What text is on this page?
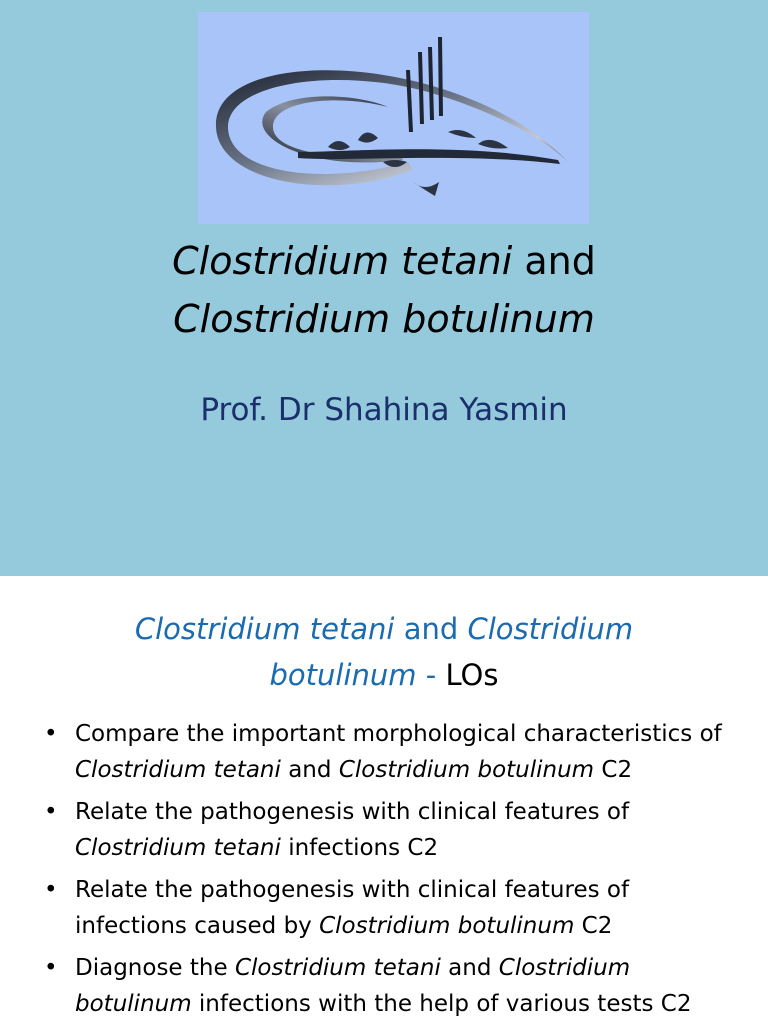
Clostridium tetani and
Clostridium botulinum
Prof. Dr Shahina Yasmin
Clostridium tetani and Clostridium
botulinum - LOs
• Compare the important morphological characteristics of Clostridium tetani and Clostridium botulinum C2
• Relate the pathogenesis with clinical features of Clostridium tetani infections C2
• Relate the pathogenesis with clinical features of infections caused by Clostridium botulinum C2
• Diagnose the Clostridium tetani and Clostridium botulinum infections with the help of various tests C2
